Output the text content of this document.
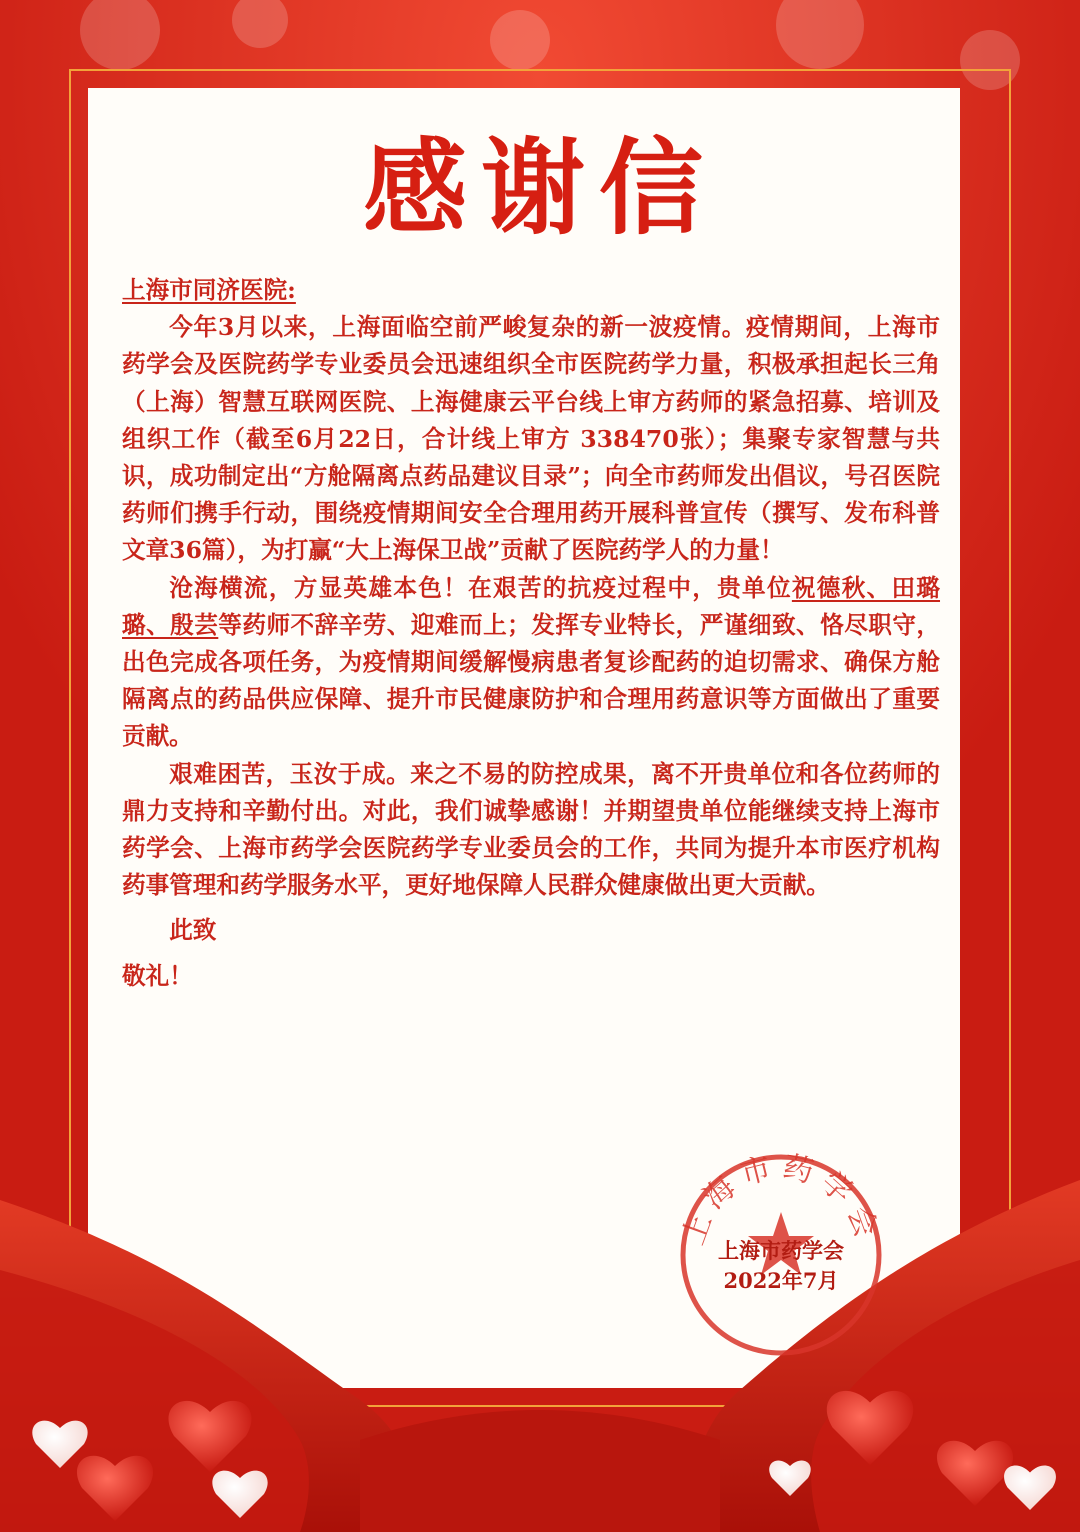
感谢信
上海市同济医院:

今年3月以来，上海面临空前严峻复杂的新一波疫情。疫情期间，上海市药学会及医院药学专业委员会迅速组织全市医院药学力量，积极承担起长三角（上海）智慧互联网医院、上海健康云平台线上审方药师的紧急招募、培训及组织工作（截至6月22日，合计线上审方 338470张）；集聚专家智慧与共识，成功制定出“方舱隔离点药品建议目录”；向全市药师发出倡议，号召医院药师们携手行动，围绕疫情期间安全合理用药开展科普宣传（撰写、发布科普文章36篇），为打赢“大上海保卫战”贡献了医院药学人的力量！

沧海横流，方显英雄本色！在艰苦的抗疫过程中，贵单位祝德秋、田璐璐、殷芸等药师不辞辛劳、迎难而上；发挥专业特长，严谨细致、恪尽职守，出色完成各项任务，为疫情期间缓解慢病患者复诊配药的迫切需求、确保方舱隔离点的药品供应保障、提升市民健康防护和合理用药意识等方面做出了重要贡献。

艰难困苦，玉汝于成。来之不易的防控成果，离不开贵单位和各位药师的鼎力支持和辛勤付出。对此，我们诚挚感谢！并期望贵单位能继续支持上海市药学会、上海市药学会医院药学专业委员会的工作，共同为提升本市医疗机构药事管理和药学服务水平，更好地保障人民群众健康做出更大贡献。

此致
敬礼！
上海市药学会
上海市药学会
2022年7月
